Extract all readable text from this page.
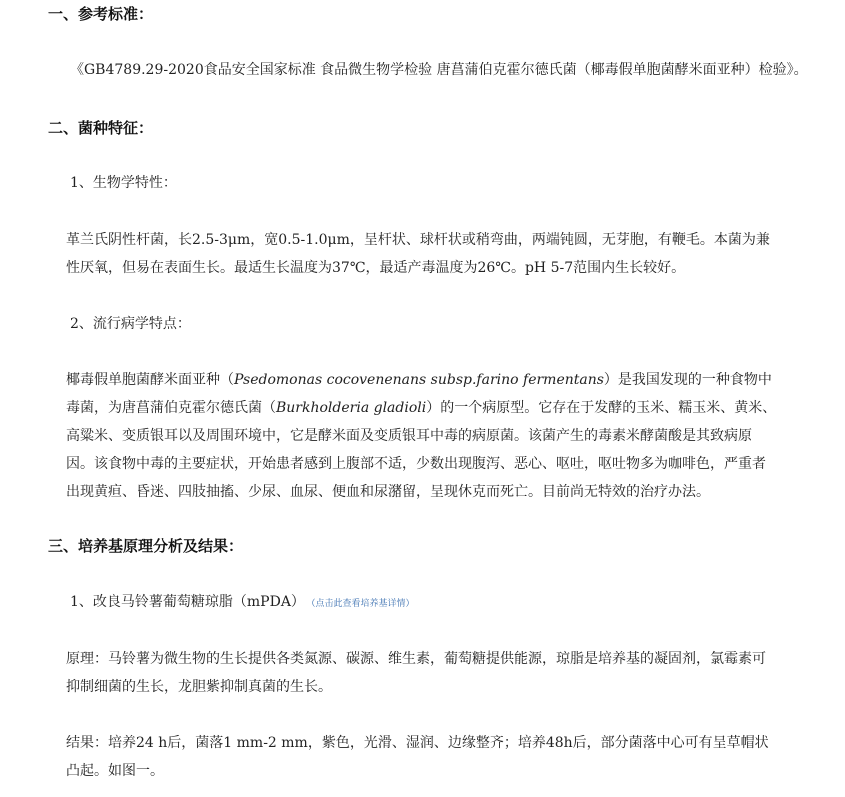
一、参考标准：
《GB4789.29-2020食品安全国家标准 食品微生物学检验 唐菖蒲伯克霍尔德氏菌（椰毒假单胞菌酵米面亚种）检验》。
二、菌种特征：
1、生物学特性：
革兰氏阴性杆菌，长2.5-3μm，宽0.5-1.0μm，呈杆状、球杆状或稍弯曲，两端钝圆，无芽胞，有鞭毛。本菌为兼性厌氧，但易在表面生长。最适生长温度为37℃，最适产毒温度为26℃。pH 5-7范围内生长较好。
2、流行病学特点：
椰毒假单胞菌酵米面亚种（Psedomonas cocovenenans subsp.farino fermentans）是我国发现的一种食物中毒菌，为唐菖蒲伯克霍尔德氏菌（Burkholderia gladioli）的一个病原型。它存在于发酵的玉米、糯玉米、黄米、高粱米、变质银耳以及周围环境中，它是酵米面及变质银耳中毒的病原菌。该菌产生的毒素米酵菌酸是其致病原因。该食物中毒的主要症状，开始患者感到上腹部不适，少数出现腹泻、恶心、呕吐，呕吐物多为咖啡色，严重者出现黄疸、昏迷、四肢抽搐、少尿、血尿、便血和尿潴留，呈现休克而死亡。目前尚无特效的治疗办法。
三、培养基原理分析及结果：
1、改良马铃薯葡萄糖琼脂（mPDA） （点击此查看培养基详情）
原理：马铃薯为微生物的生长提供各类氮源、碳源、维生素，葡萄糖提供能源，琼脂是培养基的凝固剂，氯霉素可抑制细菌的生长，龙胆紫抑制真菌的生长。
结果：培养24 h后，菌落1 mm-2 mm，紫色，光滑、湿润、边缘整齐；培养48h后，部分菌落中心可有呈草帽状凸起。如图一。
